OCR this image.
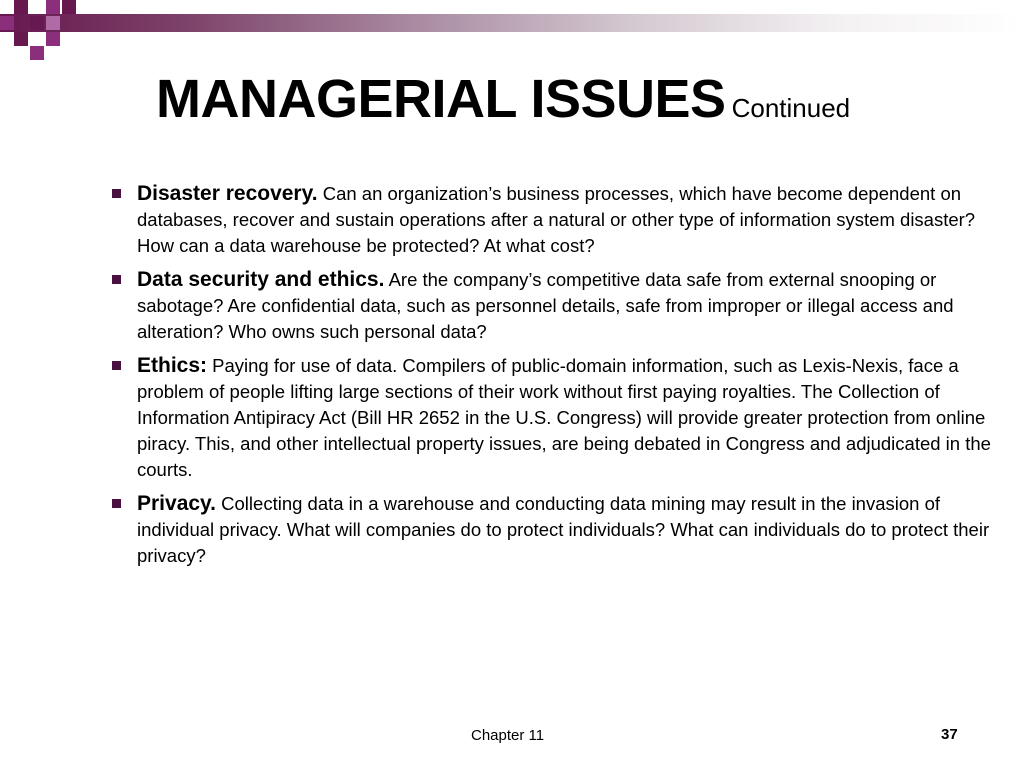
MANAGERIAL ISSUES Continued
Disaster recovery. Can an organization’s business processes, which have become dependent on databases, recover and sustain operations after a natural or other type of information system disaster? How can a data warehouse be protected? At what cost?
Data security and ethics. Are the company’s competitive data safe from external snooping or sabotage? Are confidential data, such as personnel details, safe from improper or illegal access and alteration? Who owns such personal data?
Ethics: Paying for use of data. Compilers of public-domain information, such as Lexis-Nexis, face a problem of people lifting large sections of their work without first paying royalties. The Collection of Information Antipiracy Act (Bill HR 2652 in the U.S. Congress) will provide greater protection from online piracy. This, and other intellectual property issues, are being debated in Congress and adjudicated in the courts.
Privacy. Collecting data in a warehouse and conducting data mining may result in the invasion of individual privacy. What will companies do to protect individuals? What can individuals do to protect their privacy?
Chapter 11	37
